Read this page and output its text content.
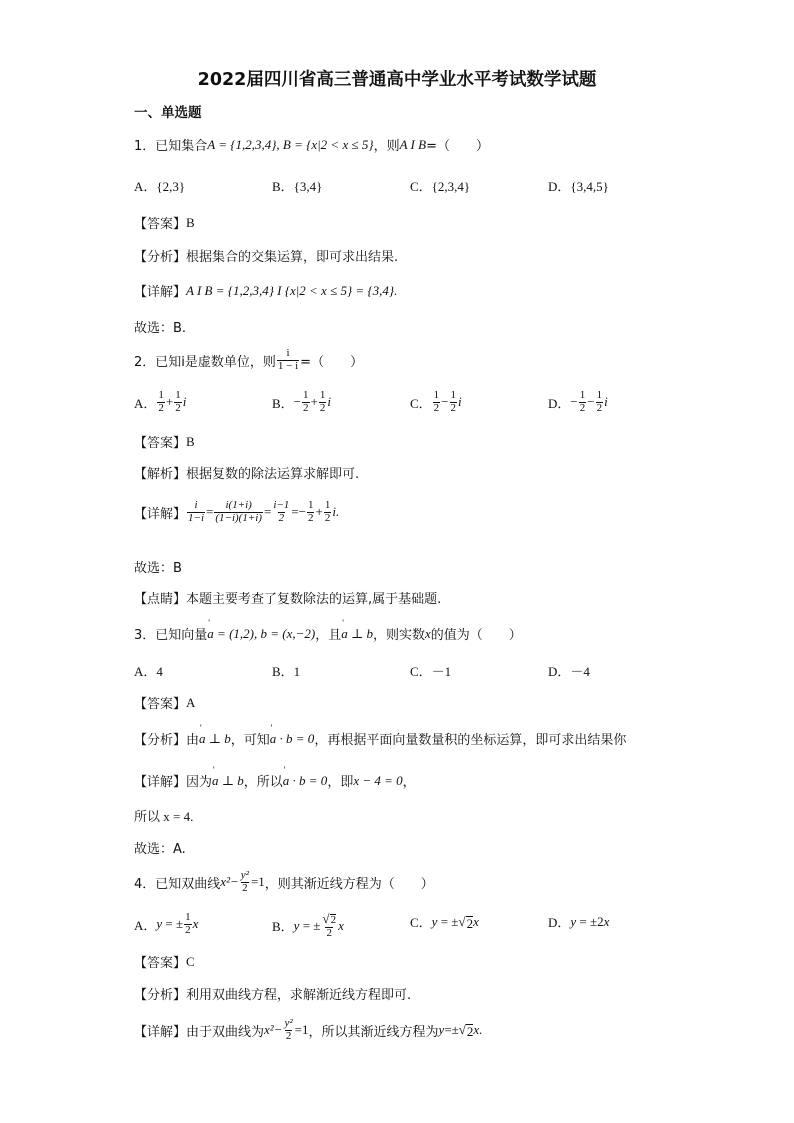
2022届四川省高三普通高中学业水平考试数学试题
一、单选题
1． 已知集合 A = {1,2,3,4}, B = {x|2 < x ≤ 5} ，则 A I B =（　　）
A．{2,3}	B．{3,4}	C．{2,3,4}	D．{3,4,5}
【答案】 B
【分析】 根据集合的交集运算，即可求出结果.
【详解】 A I B = {1,2,3,4} I {x|2 < x ≤ 5} = {3,4}.
故选：B.
2． 已知i是虚数单位，则 $\frac{i}{1 - i}$ =（　　）
A． $\frac{1}{2} + \frac{1}{2}$ i	B． − $\frac{1}{2} + \frac{1}{2}$ i	C． $\frac{1}{2} - \frac{1}{2}$ i	D． − $\frac{1}{2} - \frac{1}{2}$ i
【答案】 B
【解析】 根据复数的除法运算求解即可.
【详解】 $\frac{i}{1-i} = \frac{i(1+i)}{(1-i)(1+i)} = \frac{i-1}{2} =- \frac{1}{2} + \frac{1}{2} i$.
故选：B
【点睛】 本题主要考查了复数除法的运算,属于基础题.
3． 已知向量 ' a = (1,2), b = (x,−2) ，且 ' a ⊥ b ，则实数 x 的值为（　　）
A．4	B．1	C．－1	D．－4
【答案】 A
【分析】 由 ' a ⊥ b ，可知 ' a · b = 0 ，再根据平面向量数量积的坐标运算，即可求出结果你
【详解】 因为 ' a ⊥ b ，所以 ' a · b = 0 ，即 x − 4 = 0 ，
所以 x = 4.
故选：A.
4． 已知双曲线 $x^2- \frac{\text{y²}}{2} =1$ ，则其渐近线方程为（　　）
A． y = ± $\frac{1}{2}$ x	B． y = ± $\frac{√ 2}{2}$ x	C． y = ± √ 2 x	D． y = ±2 x
【答案】 C
【分析】 利用双曲线方程，求解渐近线方程即可.
【详解】 由于双曲线为 $x^2- \frac{\text{y²}}{2} =1$ ，所以其渐近线方程为 y =± √ 2 x.
